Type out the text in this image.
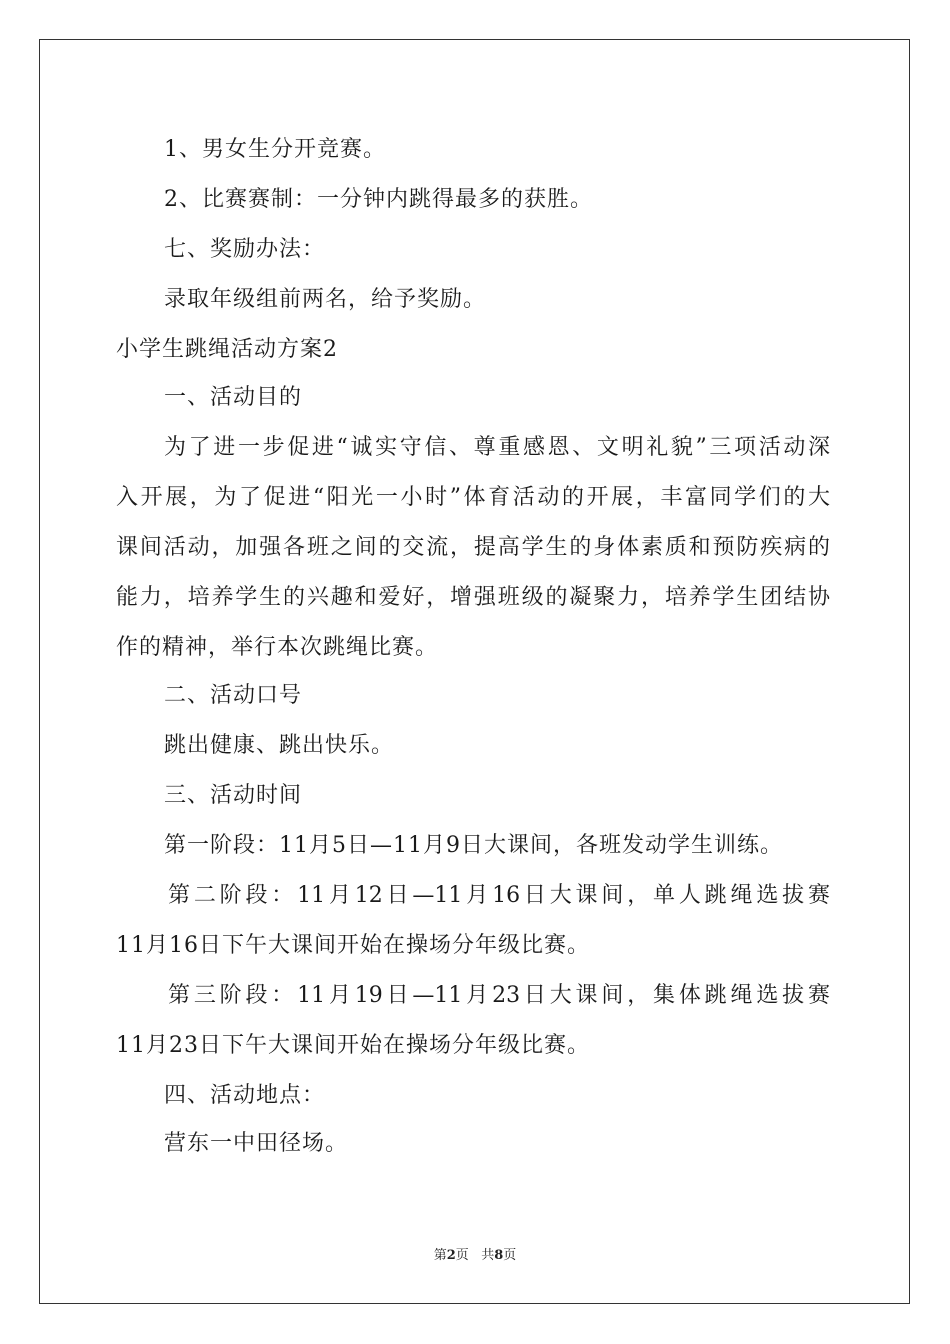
1、男女生分开竞赛。
2、比赛赛制：一分钟内跳得最多的获胜。
七、奖励办法：
录取年级组前两名，给予奖励。
小学生跳绳活动方案2
一、活动目的
为了进一步促进“诚实守信、尊重感恩、文明礼貌”三项活动深
入开展，为了促进“阳光一小时”体育活动的开展，丰富同学们的大
课间活动，加强各班之间的交流，提高学生的身体素质和预防疾病的
能力，培养学生的兴趣和爱好，增强班级的凝聚力，培养学生团结协
作的精神，举行本次跳绳比赛。
二、活动口号
跳出健康、跳出快乐。
三、活动时间
第一阶段：11月5日—11月9日大课间，各班发动学生训练。
第二阶段：11月12日—11月16日大课间，单人跳绳选拔赛
11月16日下午大课间开始在操场分年级比赛。
第三阶段：11月19日—11月23日大课间，集体跳绳选拔赛
11月23日下午大课间开始在操场分年级比赛。
四、活动地点：
营东一中田径场。
第2页 共8页
